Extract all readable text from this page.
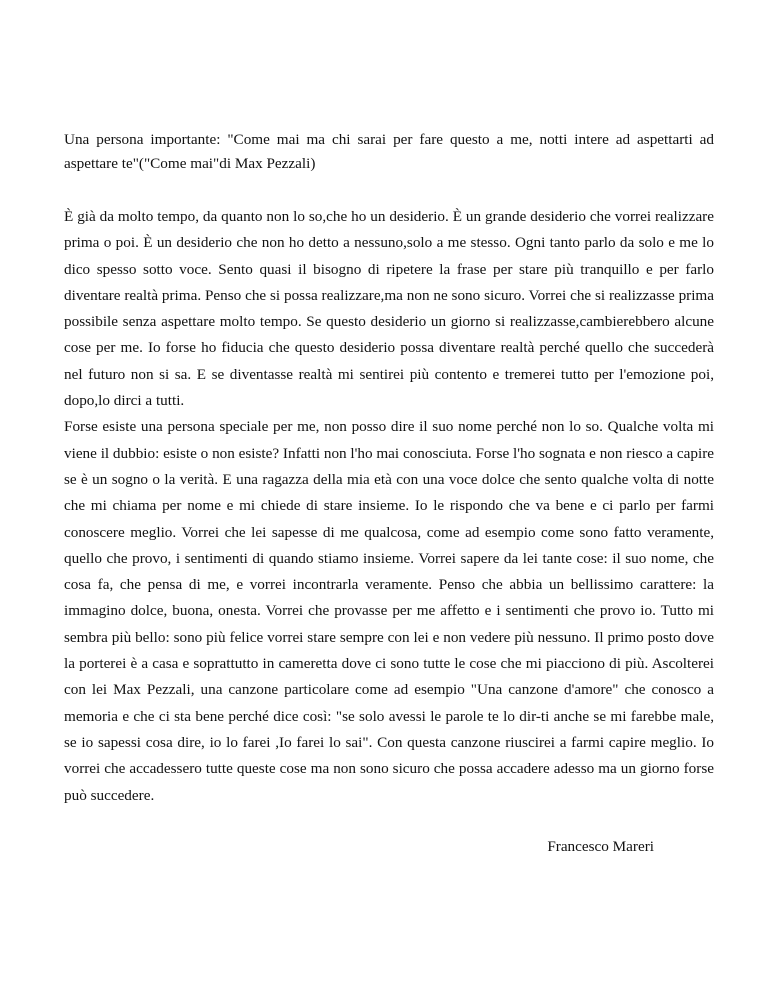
Una persona importante: "Come mai ma chi sarai per fare questo a me, notti intere ad aspettarti ad aspettare te"("Come mai"di Max Pezzali)

È già da molto tempo, da quanto non lo so,che ho un desiderio. È un grande desiderio che vorrei realizzare prima o poi. È un desiderio che non ho detto a nessuno,solo a me stesso. Ogni tanto parlo da solo e me lo dico spesso sotto voce. Sento quasi il bisogno di ripetere la frase per stare più tranquillo e per farlo diventare realtà prima. Penso che si possa realizzare,ma non ne sono sicuro. Vorrei che si realizzasse prima possibile senza aspettare molto tempo. Se questo desiderio un giorno si realizzasse,cambierebbero alcune cose per me. Io forse ho fiducia che questo desiderio possa diventare realtà perché quello che succederà nel futuro non si sa. E se diventasse realtà mi sentirei più contento e tremerei tutto per l'emozione poi, dopo,lo dirci a tutti.

Forse esiste una persona speciale per me, non posso dire il suo nome perché non lo so. Qualche volta mi viene il dubbio: esiste o non esiste? Infatti non l'ho mai conosciuta. Forse l'ho sognata e non riesco a capire se è un sogno o la verità. E una ragazza della mia età con una voce dolce che sento qualche volta di notte che mi chiama per nome e mi chiede di stare insieme. Io le rispondo che va bene e ci parlo per farmi conoscere meglio. Vorrei che lei sapesse di me qualcosa, come ad esempio come sono fatto veramente, quello che provo, i sentimenti di quando stiamo insieme. Vorrei sapere da lei tante cose: il suo nome, che cosa fa, che pensa di me, e vorrei incontrarla veramente. Penso che abbia un bellissimo carattere: la immagino dolce, buona, onesta. Vorrei che provasse per me affetto e i sentimenti che provo io. Tutto mi sembra più bello: sono più felice vorrei stare sempre con lei e non vedere più nessuno. Il primo posto dove la porterei è a casa e soprattutto in cameretta dove ci sono tutte le cose che mi piacciono di più. Ascolterei con lei Max Pezzali, una canzone particolare come ad esempio "Una canzone d'amore" che conosco a memoria e che ci sta bene perché dice così: "se solo avessi le parole te lo dir-ti anche se mi farebbe male, se io sapessi cosa dire, io lo farei ,Io farei lo sai". Con questa canzone riuscirei a farmi capire meglio. Io vorrei che accadessero tutte queste cose ma non sono sicuro che possa accadere adesso ma un giorno forse può succedere.

Francesco Mareri
